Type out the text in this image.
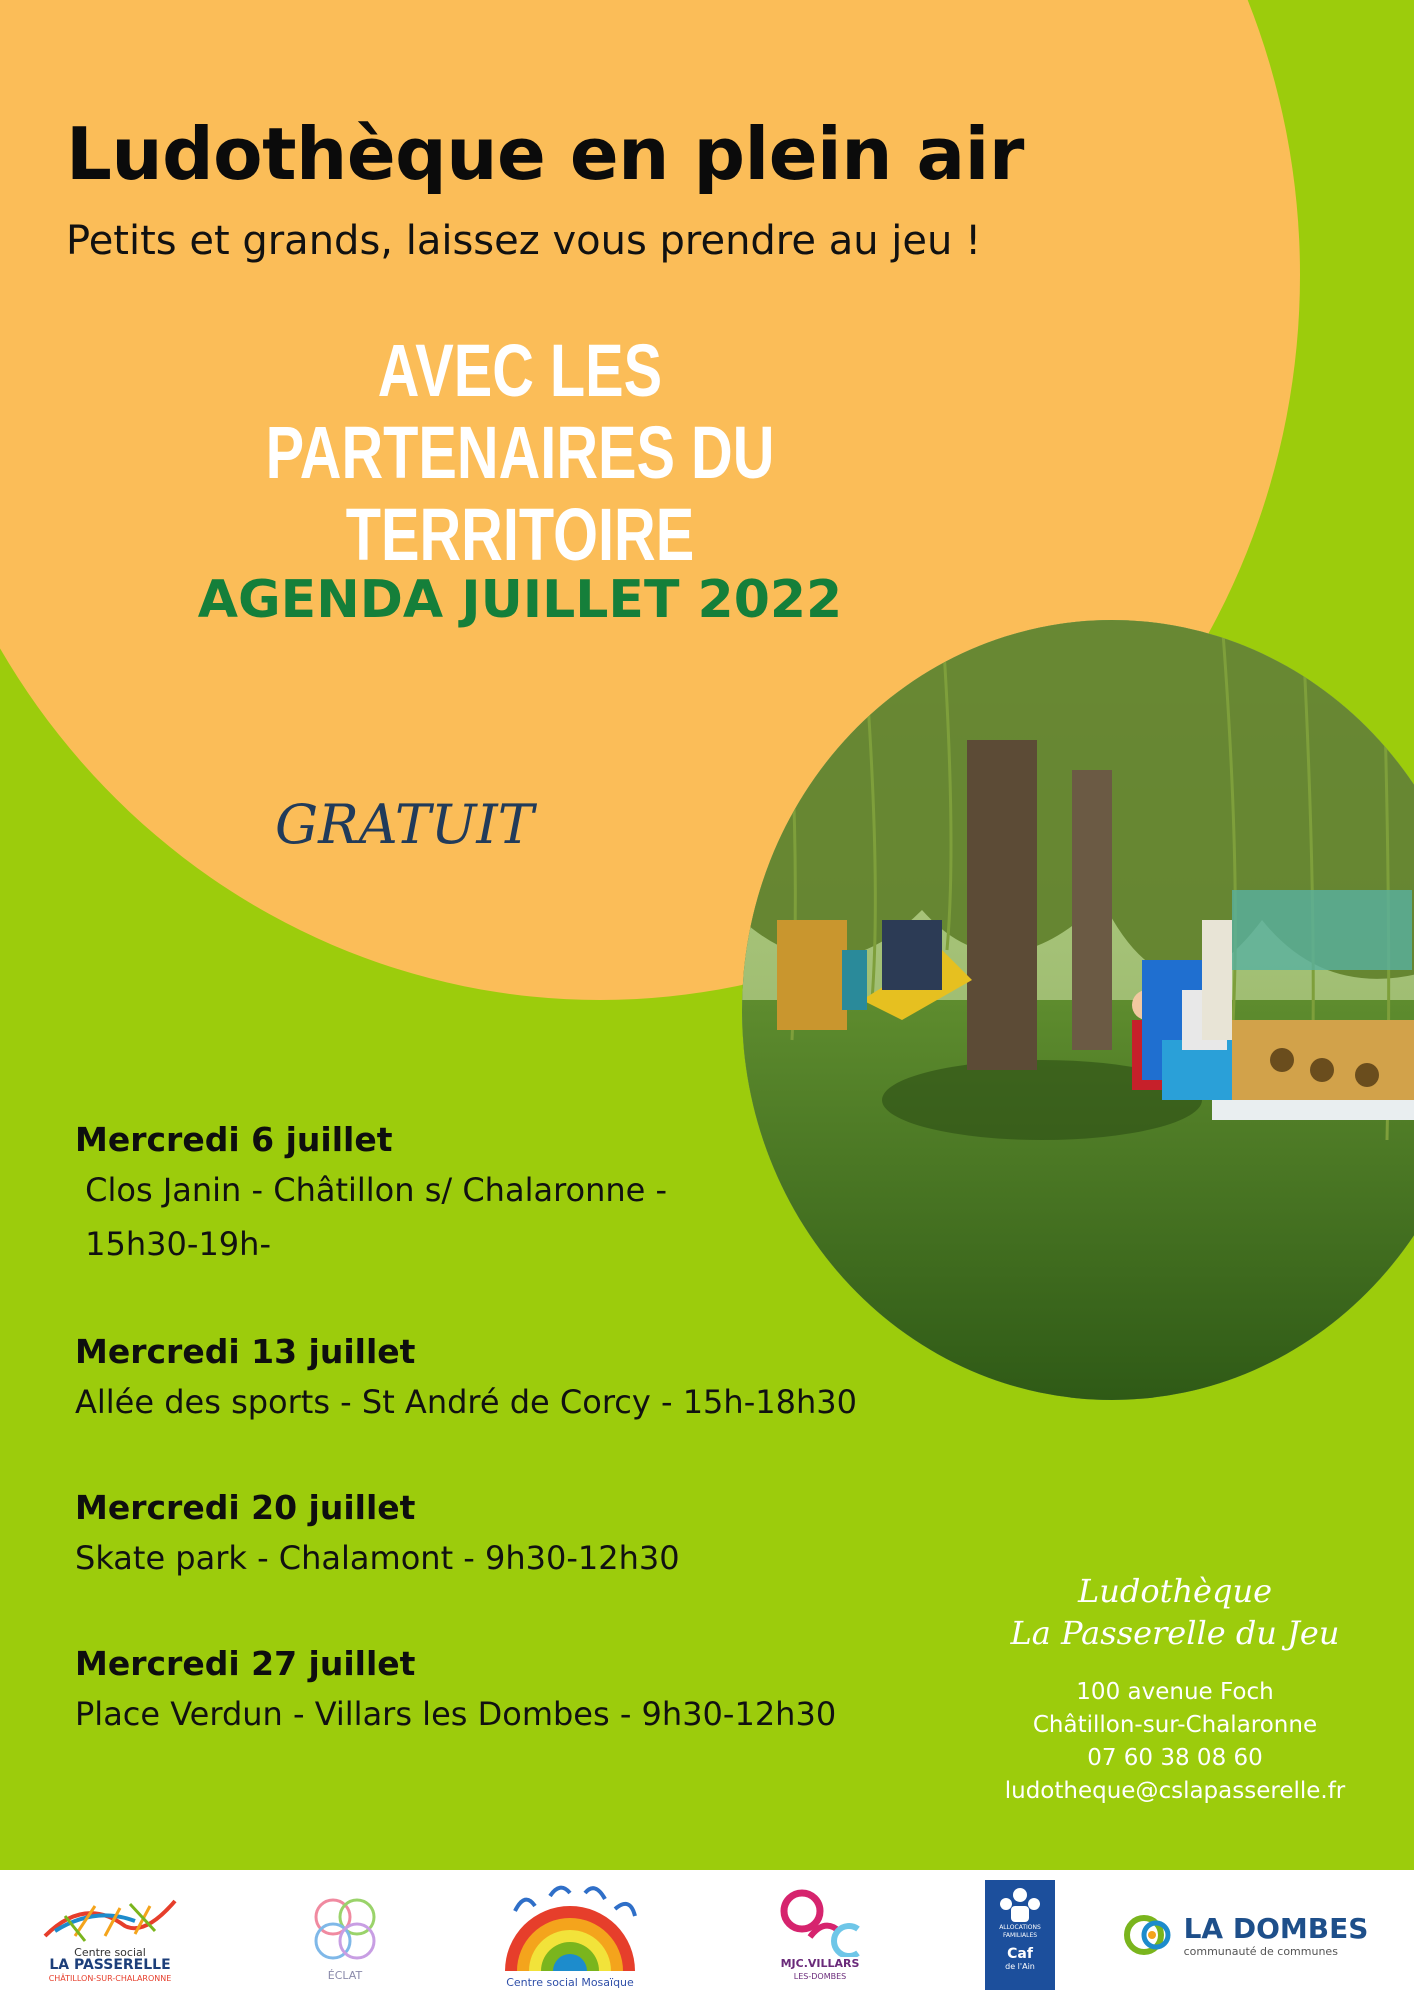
Ludothèque en plein air
Petits et grands, laissez vous prendre au jeu !
AVEC LES PARTENAIRES DU
TERRITOIRE
AGENDA JUILLET 2022
GRATUIT
Mercredi 6 juillet
Clos Janin - Châtillon s/ Chalaronne -
15h30-19h-
Mercredi 13 juillet
Allée des sports - St André de Corcy - 15h-18h30
Mercredi 20 juillet
Skate park - Chalamont - 9h30-12h30
Mercredi 27 juillet
Place Verdun - Villars les Dombes - 9h30-12h30
Ludothèque
La Passerelle du Jeu
100 avenue Foch
Châtillon-sur-Chalaronne
07 60 38 08 60
ludotheque@cslapasserelle.fr
Centre social
LA PASSERELLE
CHÂTILLON-SUR-CHALARONNE	ÉCLAT
Centre social Mosaïque
MJC.VILLARS
LES-DOMBES
ALLOCATIONS FAMILIALES
Caf
de l'Ain
LA DOMBES
communauté de communes
